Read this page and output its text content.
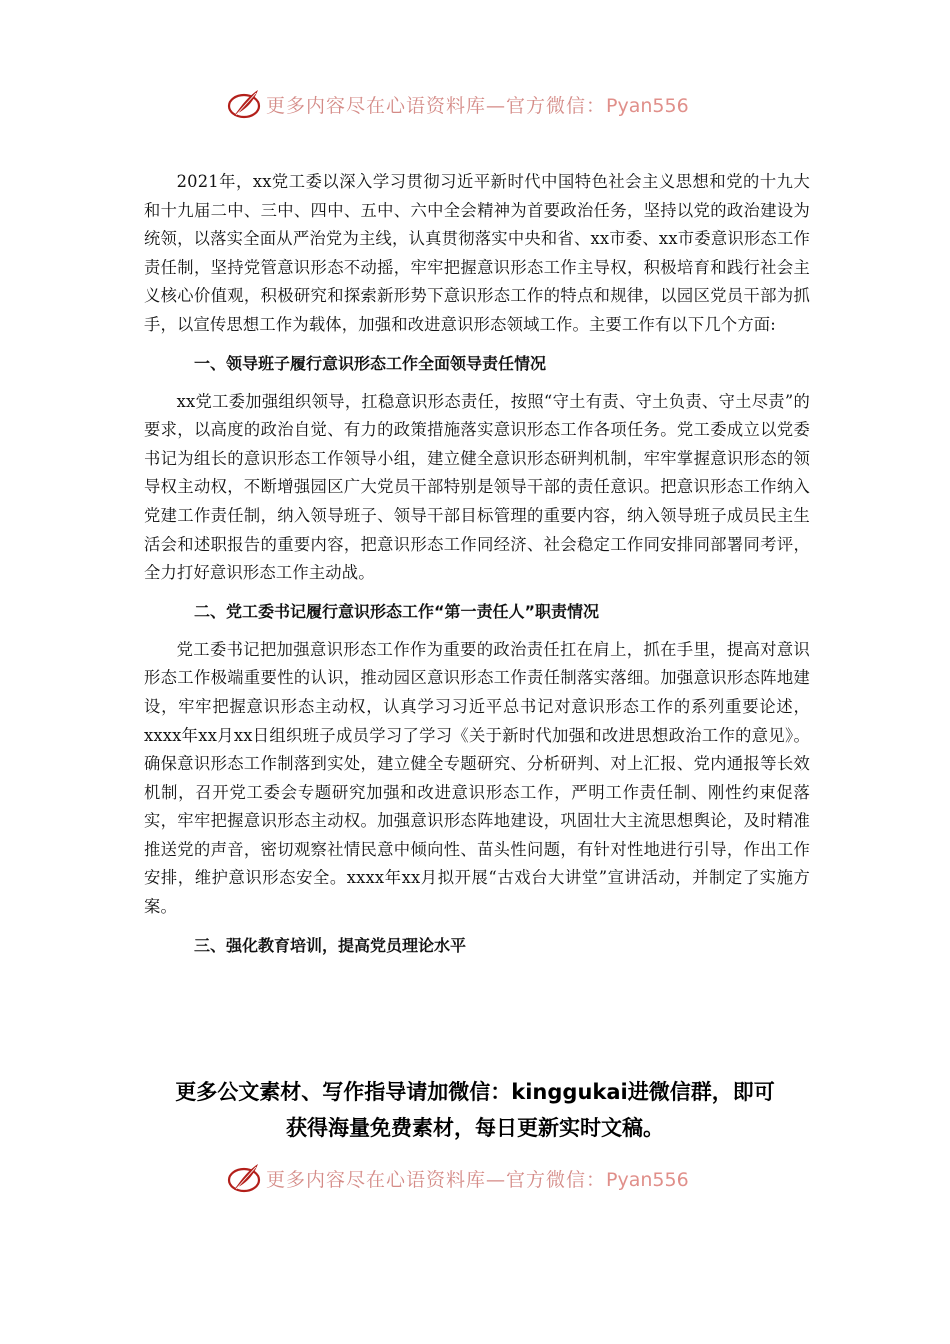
更多内容尽在心语资料库—官方微信：Pyan556

2021年，xx党工委以深入学习贯彻习近平新时代中国特色社会主义思想和党的十九大和十九届二中、三中、四中、五中、六中全会精神为首要政治任务，坚持以党的政治建设为统领，以落实全面从严治党为主线，认真贯彻落实中央和省、xx市委、xx市委意识形态工作责任制，坚持党管意识形态不动摇，牢牢把握意识形态工作主导权，积极培育和践行社会主义核心价值观，积极研究和探索新形势下意识形态工作的特点和规律，以园区党员干部为抓手，以宣传思想工作为载体，加强和改进意识形态领域工作。主要工作有以下几个方面:

一、领导班子履行意识形态工作全面领导责任情况

xx党工委加强组织领导，扛稳意识形态责任，按照“守土有责、守土负责、守土尽责”的要求，以高度的政治自觉、有力的政策措施落实意识形态工作各项任务。党工委成立以党委书记为组长的意识形态工作领导小组，建立健全意识形态研判机制，牢牢掌握意识形态的领导权主动权，不断增强园区广大党员干部特别是领导干部的责任意识。把意识形态工作纳入党建工作责任制，纳入领导班子、领导干部目标管理的重要内容，纳入领导班子成员民主生活会和述职报告的重要内容，把意识形态工作同经济、社会稳定工作同安排同部署同考评，全力打好意识形态工作主动战。

二、党工委书记履行意识形态工作“第一责任人”职责情况

党工委书记把加强意识形态工作作为重要的政治责任扛在肩上，抓在手里，提高对意识形态工作极端重要性的认识，推动园区意识形态工作责任制落实落细。加强意识形态阵地建设，牢牢把握意识形态主动权，认真学习习近平总书记对意识形态工作的系列重要论述，xxxx年xx月xx日组织班子成员学习了学习《关于新时代加强和改进思想政治工作的意见》。确保意识形态工作制落到实处，建立健全专题研究、分析研判、对上汇报、党内通报等长效机制，召开党工委会专题研究加强和改进意识形态工作，严明工作责任制、刚性约束促落实，牢牢把握意识形态主动权。加强意识形态阵地建设，巩固壮大主流思想舆论，及时精准推送党的声音，密切观察社情民意中倾向性、苗头性问题，有针对性地进行引导，作出工作安排，维护意识形态安全。xxxx年xx月拟开展“古戏台大讲堂”宣讲活动，并制定了实施方案。

三、强化教育培训，提高党员理论水平
更多公文素材、写作指导请加微信：kinggukai进微信群，即可
获得海量免费素材，每日更新实时文稿。
更多内容尽在心语资料库—官方微信：Pyan556
